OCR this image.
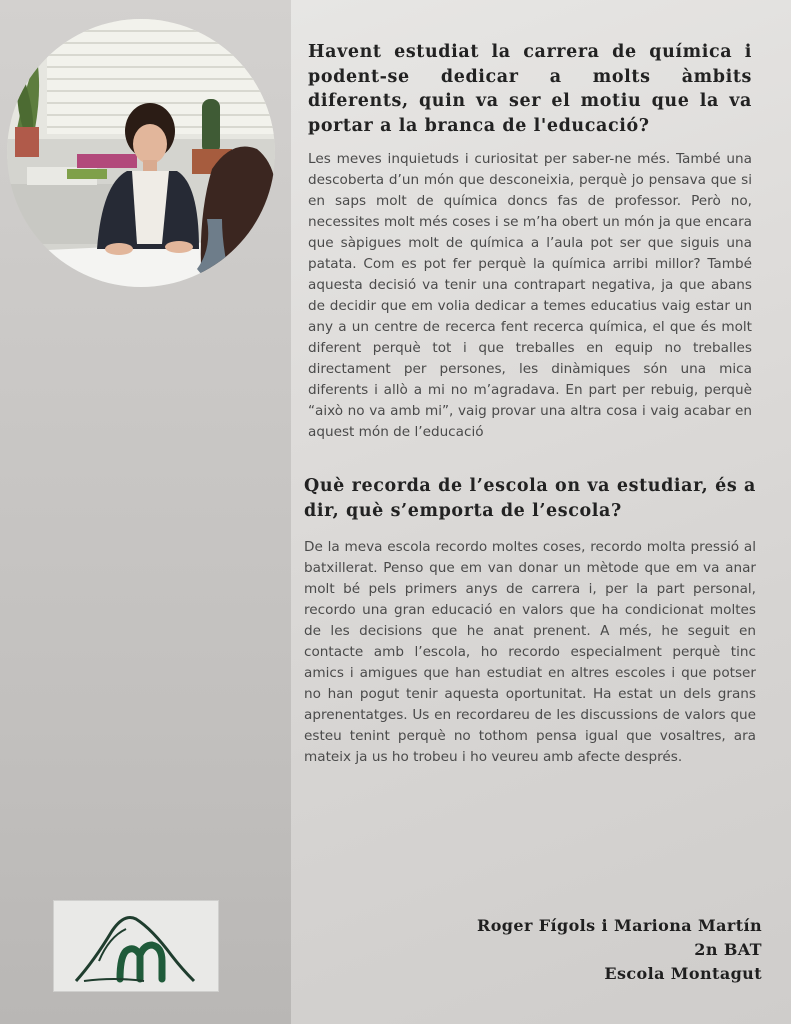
Havent estudiat la carrera de química i podent-se dedicar a molts àmbits diferents, quin va ser el motiu que la va portar a la branca de l'educació?

Les meves inquietuds i curiositat per saber-ne més. També una descoberta d’un món que desconeixia, perquè jo pensava que si en saps molt de química doncs fas de professor. Però no, necessites molt més coses i se m’ha obert un món ja que encara que sàpigues molt de química a l’aula pot ser que siguis una patata. Com es pot fer perquè la química arribi millor? També aquesta decisió va tenir una contrapart negativa, ja que abans de decidir que em volia dedicar a temes educatius vaig estar un any a un centre de recerca fent recerca química, el que és molt diferent perquè tot i que treballes en equip no treballes directament per persones, les dinàmiques són una mica diferents i allò a mi no m’agradava. En part per rebuig, perquè “això no va amb mi”, vaig provar una altra cosa i vaig acabar en aquest món de l’educació

Què recorda de l’escola on va estudiar, és a dir, què s’emporta de l’escola?

De la meva escola recordo moltes coses, recordo molta pressió al batxillerat. Penso que em van donar un mètode que em va anar molt bé pels primers anys de carrera i, per la part personal, recordo una gran educació en valors que ha condicionat moltes de les decisions que he anat prenent. A més, he seguit en contacte amb l’escola, ho recordo especialment perquè tinc amics i amigues que han estudiat en altres escoles i que potser no han pogut tenir aquesta oportunitat. Ha estat un dels grans aprenentatges. Us en recordareu de les discussions de valors que esteu tenint perquè no tothom pensa igual que vosaltres, ara mateix ja us ho trobeu i ho veureu amb afecte després.

Roger Fígols i Mariona Martín
2n BAT
Escola Montagut
